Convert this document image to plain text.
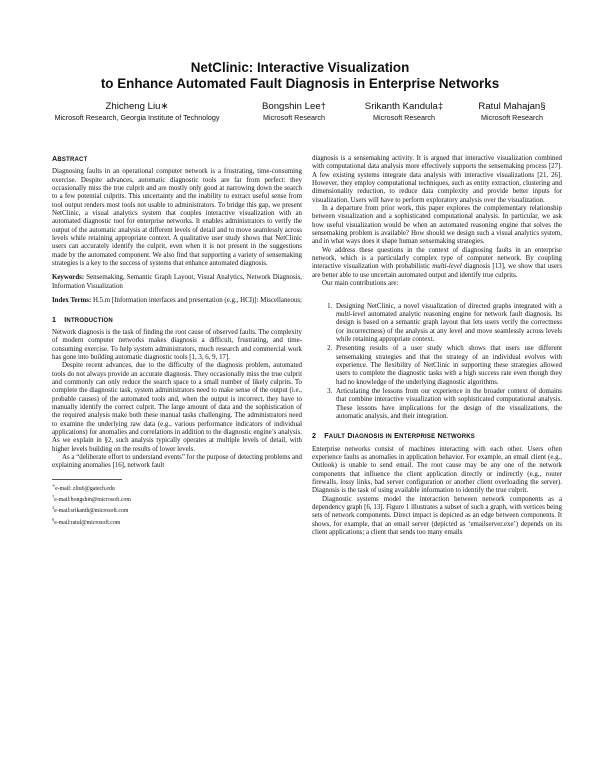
NetClinic: Interactive Visualization
to Enhance Automated Fault Diagnosis in Enterprise Networks
Zhicheng Liu∗
Microsoft Research, Georgia Institute of Technology
Bongshin Lee†
Microsoft Research
Srikanth Kandula‡
Microsoft Research
Ratul Mahajan§
Microsoft Research
ABSTRACT

Diagnosing faults in an operational computer network is a frustrating, time-consuming exercise. Despite advances, automatic diagnostic tools are far from perfect: they occasionally miss the true culprit and are mostly only good at narrowing down the search to a few potential culprits. This uncertainty and the inability to extract useful sense from tool output renders most tools not usable to administrators. To bridge this gap, we present NetClinic, a visual analytics system that couples interactive visualization with an automated diagnostic tool for enterprise networks. It enables administrators to verify the output of the automatic analysis at different levels of detail and to move seamlessly across levels while retaining appropriate context. A qualitative user study shows that NetClinic users can accurately identify the culprit, even when it is not present in the suggestions made by the automated component. We also find that supporting a variety of sensemaking strategies is a key to the success of systems that enhance automated diagnosis.

Keywords: Sensemaking, Semantic Graph Layout, Visual Analytics, Network Diagnosis, Information Visualization

Index Terms: H.5.m [Information interfaces and presentation (e.g., HCI)]: Miscellaneous;

1 INTRODUCTION

Network diagnosis is the task of finding the root cause of observed faults. The complexity of modern computer networks makes diagnosis a difficult, frustrating, and time-consuming exercise. To help system administrators, much research and commercial work has gone into building automatic diagnostic tools [1, 3, 6, 9, 17].

Despite recent advances, due to the difficulty of the diagnosis problem, automated tools do not always provide an accurate diagnosis. They occasionally miss the true culprit and commonly can only reduce the search space to a small number of likely culprits. To complete the diagnostic task, system administrators need to make sense of the output (i.e., probable causes) of the automated tools and, when the output is incorrect, they have to manually identify the correct culprit. The large amount of data and the sophistication of the required analysis make both these manual tasks challenging. The administrators need to examine the underlying raw data (e.g., various performance indicators of individual applications) for anomalies and correlations in addition to the diagnostic engine’s analysis. As we explain in §2, such analysis typically operates at multiple levels of detail, with higher levels building on the results of lower levels.

As a “deliberate effort to understand events” for the purpose of detecting problems and explaining anomalies [16], network fault

∗e-mail: zliu6@gatech.edu
†e-mail:bongshin@microsoft.com
‡e-mail:srikanth@microsoft.com
§e-mail:ratul@microsoft.com

diagnosis is a sensemaking activity. It is argued that interactive visualization combined with computational data analysis more effectively supports the sensemaking process [27]. A few existing systems integrate data analysis with interactive visualizations [21, 26]. However, they employ computational techniques, such as entity extraction, clustering and dimensionality reduction, to reduce data complexity and provide better inputs for visualization. Users will have to perform exploratory analysis over the visualization.

In a departure from prior work, this paper explores the complementary relationship between visualization and a sophisticated computational analysis. In particular, we ask how useful visualization would be when an automated reasoning engine that solves the sensemaking problem is available? How should we design such a visual analytics system, and in what ways does it shape human sensemaking strategies.

We address these questions in the context of diagnosing faults in an enterprise network, which is a particularly complex type of computer network. By coupling interactive visualization with probabilistic multi-level diagnosis [13], we show that users are better able to use uncertain automated output and identify true culprits.

Our main contributions are:

1. Designing NetClinic, a novel visualization of directed graphs integrated with a multi-level automated analytic reasoning engine for network fault diagnosis. Its design is based on a semantic graph layout that lets users verify the correctness (or incorrectness) of the analysis at any level and move seamlessly across levels while retaining appropriate context.
2. Presenting results of a user study which shows that users use different sensemaking strategies and that the strategy of an individual evolves with experience. The flexibility of NetClinic in supporting these strategies allowed users to complete the diagnostic tasks with a high success rate even though they had no knowledge of the underlying diagnostic algorithms.
3. Articulating the lessons from our experience in the broader context of domains that combine interactive visualization with sophisticated computational analysis. These lessons have implications for the design of the visualizations, the automatic analysis, and their integration.
2 FAULT DIAGNOSIS IN ENTERPRISE NETWORKS

Enterprise networks consist of machines interacting with each other. Users often experience faults as anomalies in application behavior. For example, an email client (e.g., Outlook) is unable to send email. The root cause may be any one of the network components that influence the client application directly or indirectly (e.g., router firewalls, lossy links, bad server configuration or another client overloading the server). Diagnosis is the task of using available information to identify the true culprit.

Diagnostic systems model the interaction between network components as a dependency graph [6, 13]. Figure 1 illustrates a subset of such a graph, with vertices being sets of network components. Direct impact is depicted as an edge between components. It shows, for example, that an email server (depicted as ‘emailserver.exe’) depends on its client applications; a client that sends too many emails
